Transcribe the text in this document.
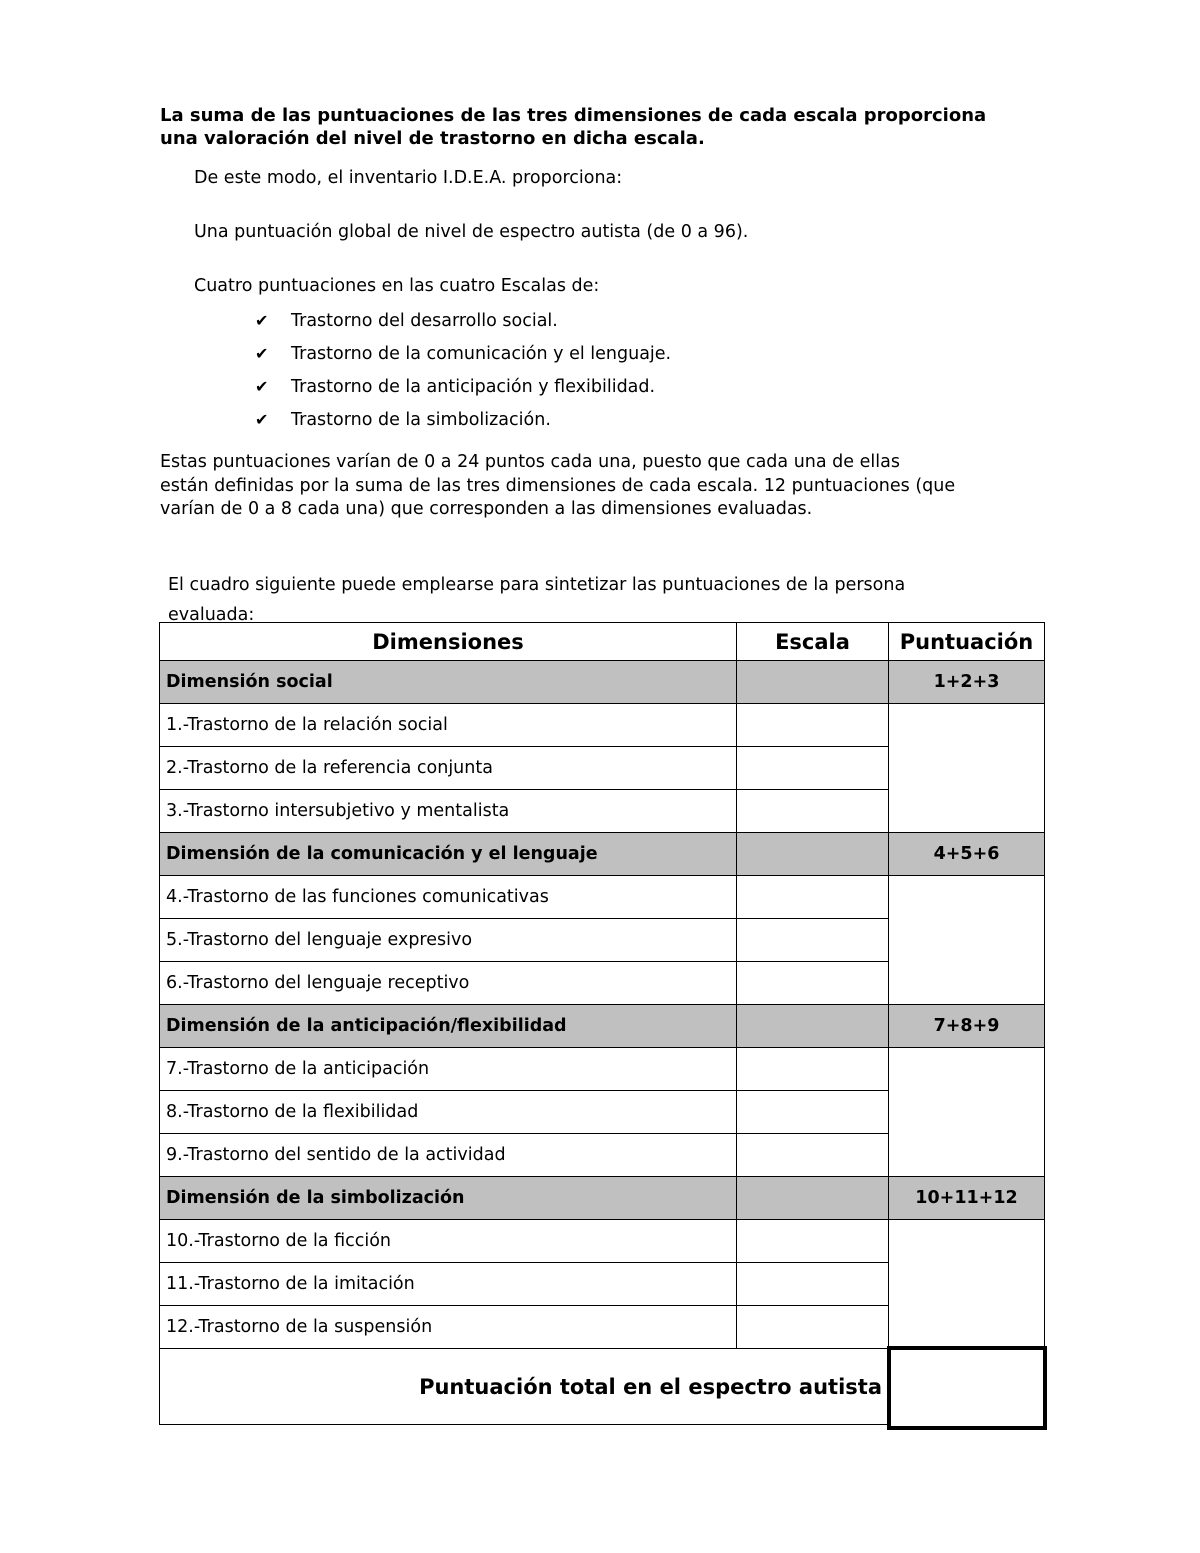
La suma de las puntuaciones de las tres dimensiones de cada escala proporciona
una valoración del nivel de trastorno en dicha escala.
De este modo, el inventario I.D.E.A. proporciona:
Una puntuación global de nivel de espectro autista (de 0 a 96).
Cuatro puntuaciones en las cuatro Escalas de:
✔ Trastorno del desarrollo social.
✔ Trastorno de la comunicación y el lenguaje.
✔ Trastorno de la anticipación y flexibilidad.
✔ Trastorno de la simbolización.
Estas puntuaciones varían de 0 a 24 puntos cada una, puesto que cada una de ellas
están definidas por la suma de las tres dimensiones de cada escala. 12 puntuaciones (que
varían de 0 a 8 cada una) que corresponden a las dimensiones evaluadas.
El cuadro siguiente puede emplearse para sintetizar las puntuaciones de la persona
evaluada:
Dimensiones	Escala	Puntuación
Dimensión social		1+2+3
1.-Trastorno de la relación social		
2.-Trastorno de la referencia conjunta		
3.-Trastorno intersubjetivo y mentalista		
Dimensión de la comunicación y el lenguaje		4+5+6
4.-Trastorno de las funciones comunicativas		
5.-Trastorno del lenguaje expresivo		
6.-Trastorno del lenguaje receptivo		
Dimensión de la anticipación/flexibilidad		7+8+9
7.-Trastorno de la anticipación		
8.-Trastorno de la flexibilidad		
9.-Trastorno del sentido de la actividad		
Dimensión de la simbolización		10+11+12
10.-Trastorno de la ficción		
11.-Trastorno de la imitación		
12.-Trastorno de la suspensión		
Puntuación total en el espectro autista		
